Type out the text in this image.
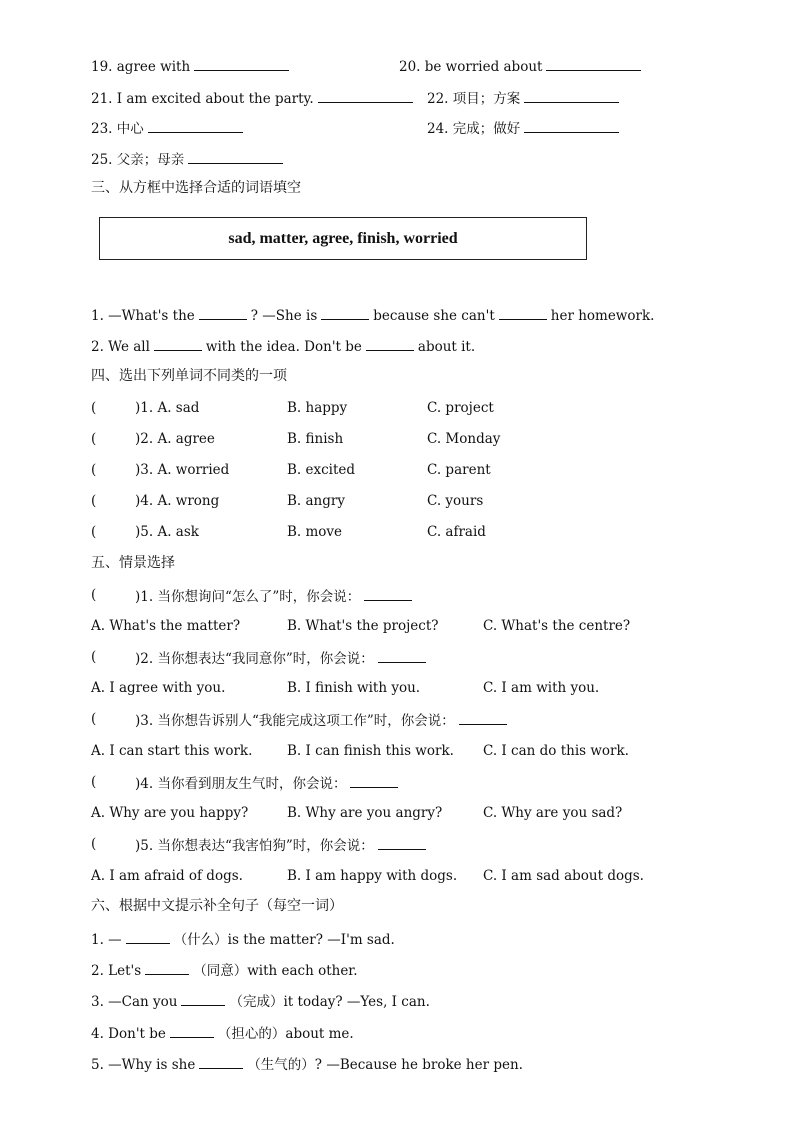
19. agree with	20. be worried about
21. I am excited about the party.	22. 项目；方案
23. 中心	24. 完成；做好
25. 父亲；母亲
三、从方框中选择合适的词语填空
sad, matter, agree, finish, worried
1. —What's the	? —She is	because she can't	her homework.
2. We all	with the idea. Don't be	about it.
四、选出下列单词不同类的一项
(	)1. A. sad	B. happy	C. project
(	)2. A. agree	B. finish	C. Monday
(	)3. A. worried	B. excited	C. parent
(	)4. A. wrong	B. angry	C. yours
(	)5. A. ask	B. move	C. afraid
五、情景选择
(	)1. 当你想询问“怎么了”时，你会说：
A. What's the matter?	B. What's the project?	C. What's the centre?
(	)2. 当你想表达“我同意你”时，你会说：
A. I agree with you.	B. I finish with you.	C. I am with you.
(	)3. 当你想告诉别人“我能完成这项工作”时，你会说：
A. I can start this work.	B. I can finish this work. C. I can do this work.
(	)4. 当你看到朋友生气时，你会说：
A. Why are you happy?	B. Why are you angry?	C. Why are you sad?
(	)5. 当你想表达“我害怕狗”时，你会说：
A. I am afraid of dogs.	B. I am happy with dogs. C. I am sad about dogs.
六、根据中文提示补全句子（每空一词）
1. —	（什么）is the matter? —I'm sad.
2. Let's	（同意）with each other.
3. —Can you	（完成）it today? —Yes, I can.
4. Don't be	（担心的）about me.
5. —Why is she	（生气的）? —Because he broke her pen.
